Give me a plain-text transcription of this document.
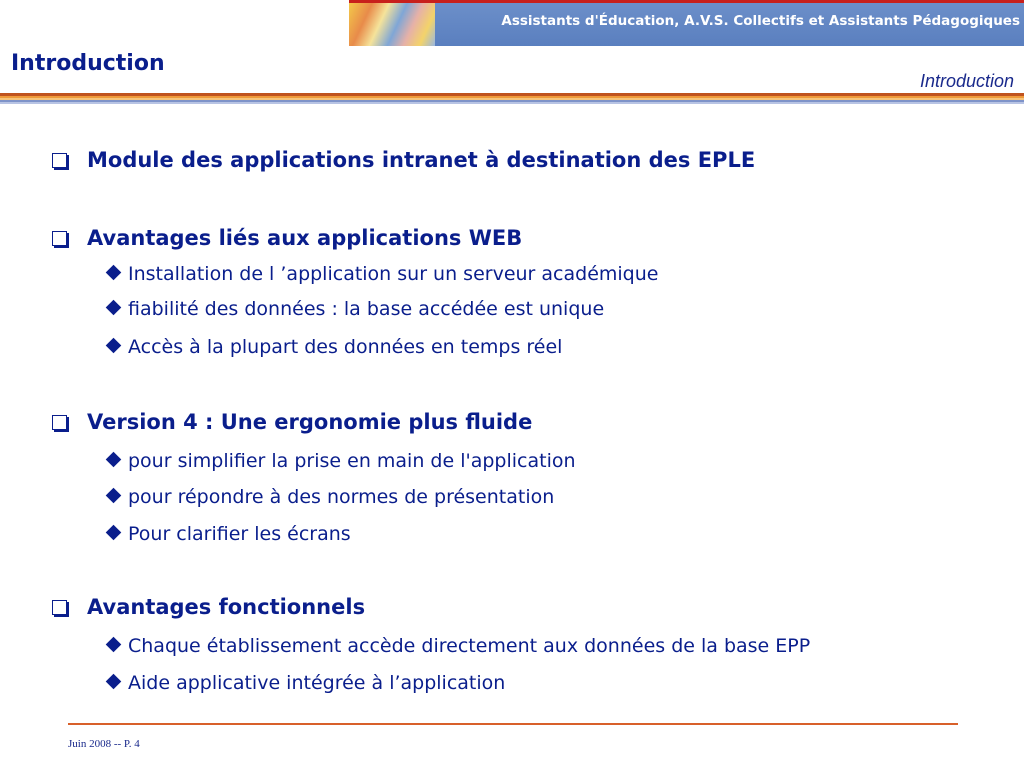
Assistants d'Éducation, A.V.S. Collectifs et Assistants Pédagogiques
Introduction
Introduction
Module des applications intranet à destination des EPLE
Avantages liés aux applications WEB
Installation de l ’application sur un serveur académique
fiabilité des données : la base accédée est unique
Accès à la plupart des données en temps réel
Version 4 : Une ergonomie plus fluide
pour simplifier la prise en main de l'application
pour répondre à des normes de présentation
Pour clarifier les écrans
Avantages fonctionnels
Chaque établissement accède directement aux données de la base EPP
Aide applicative intégrée à l’application
Juin 2008 -- P. 4
